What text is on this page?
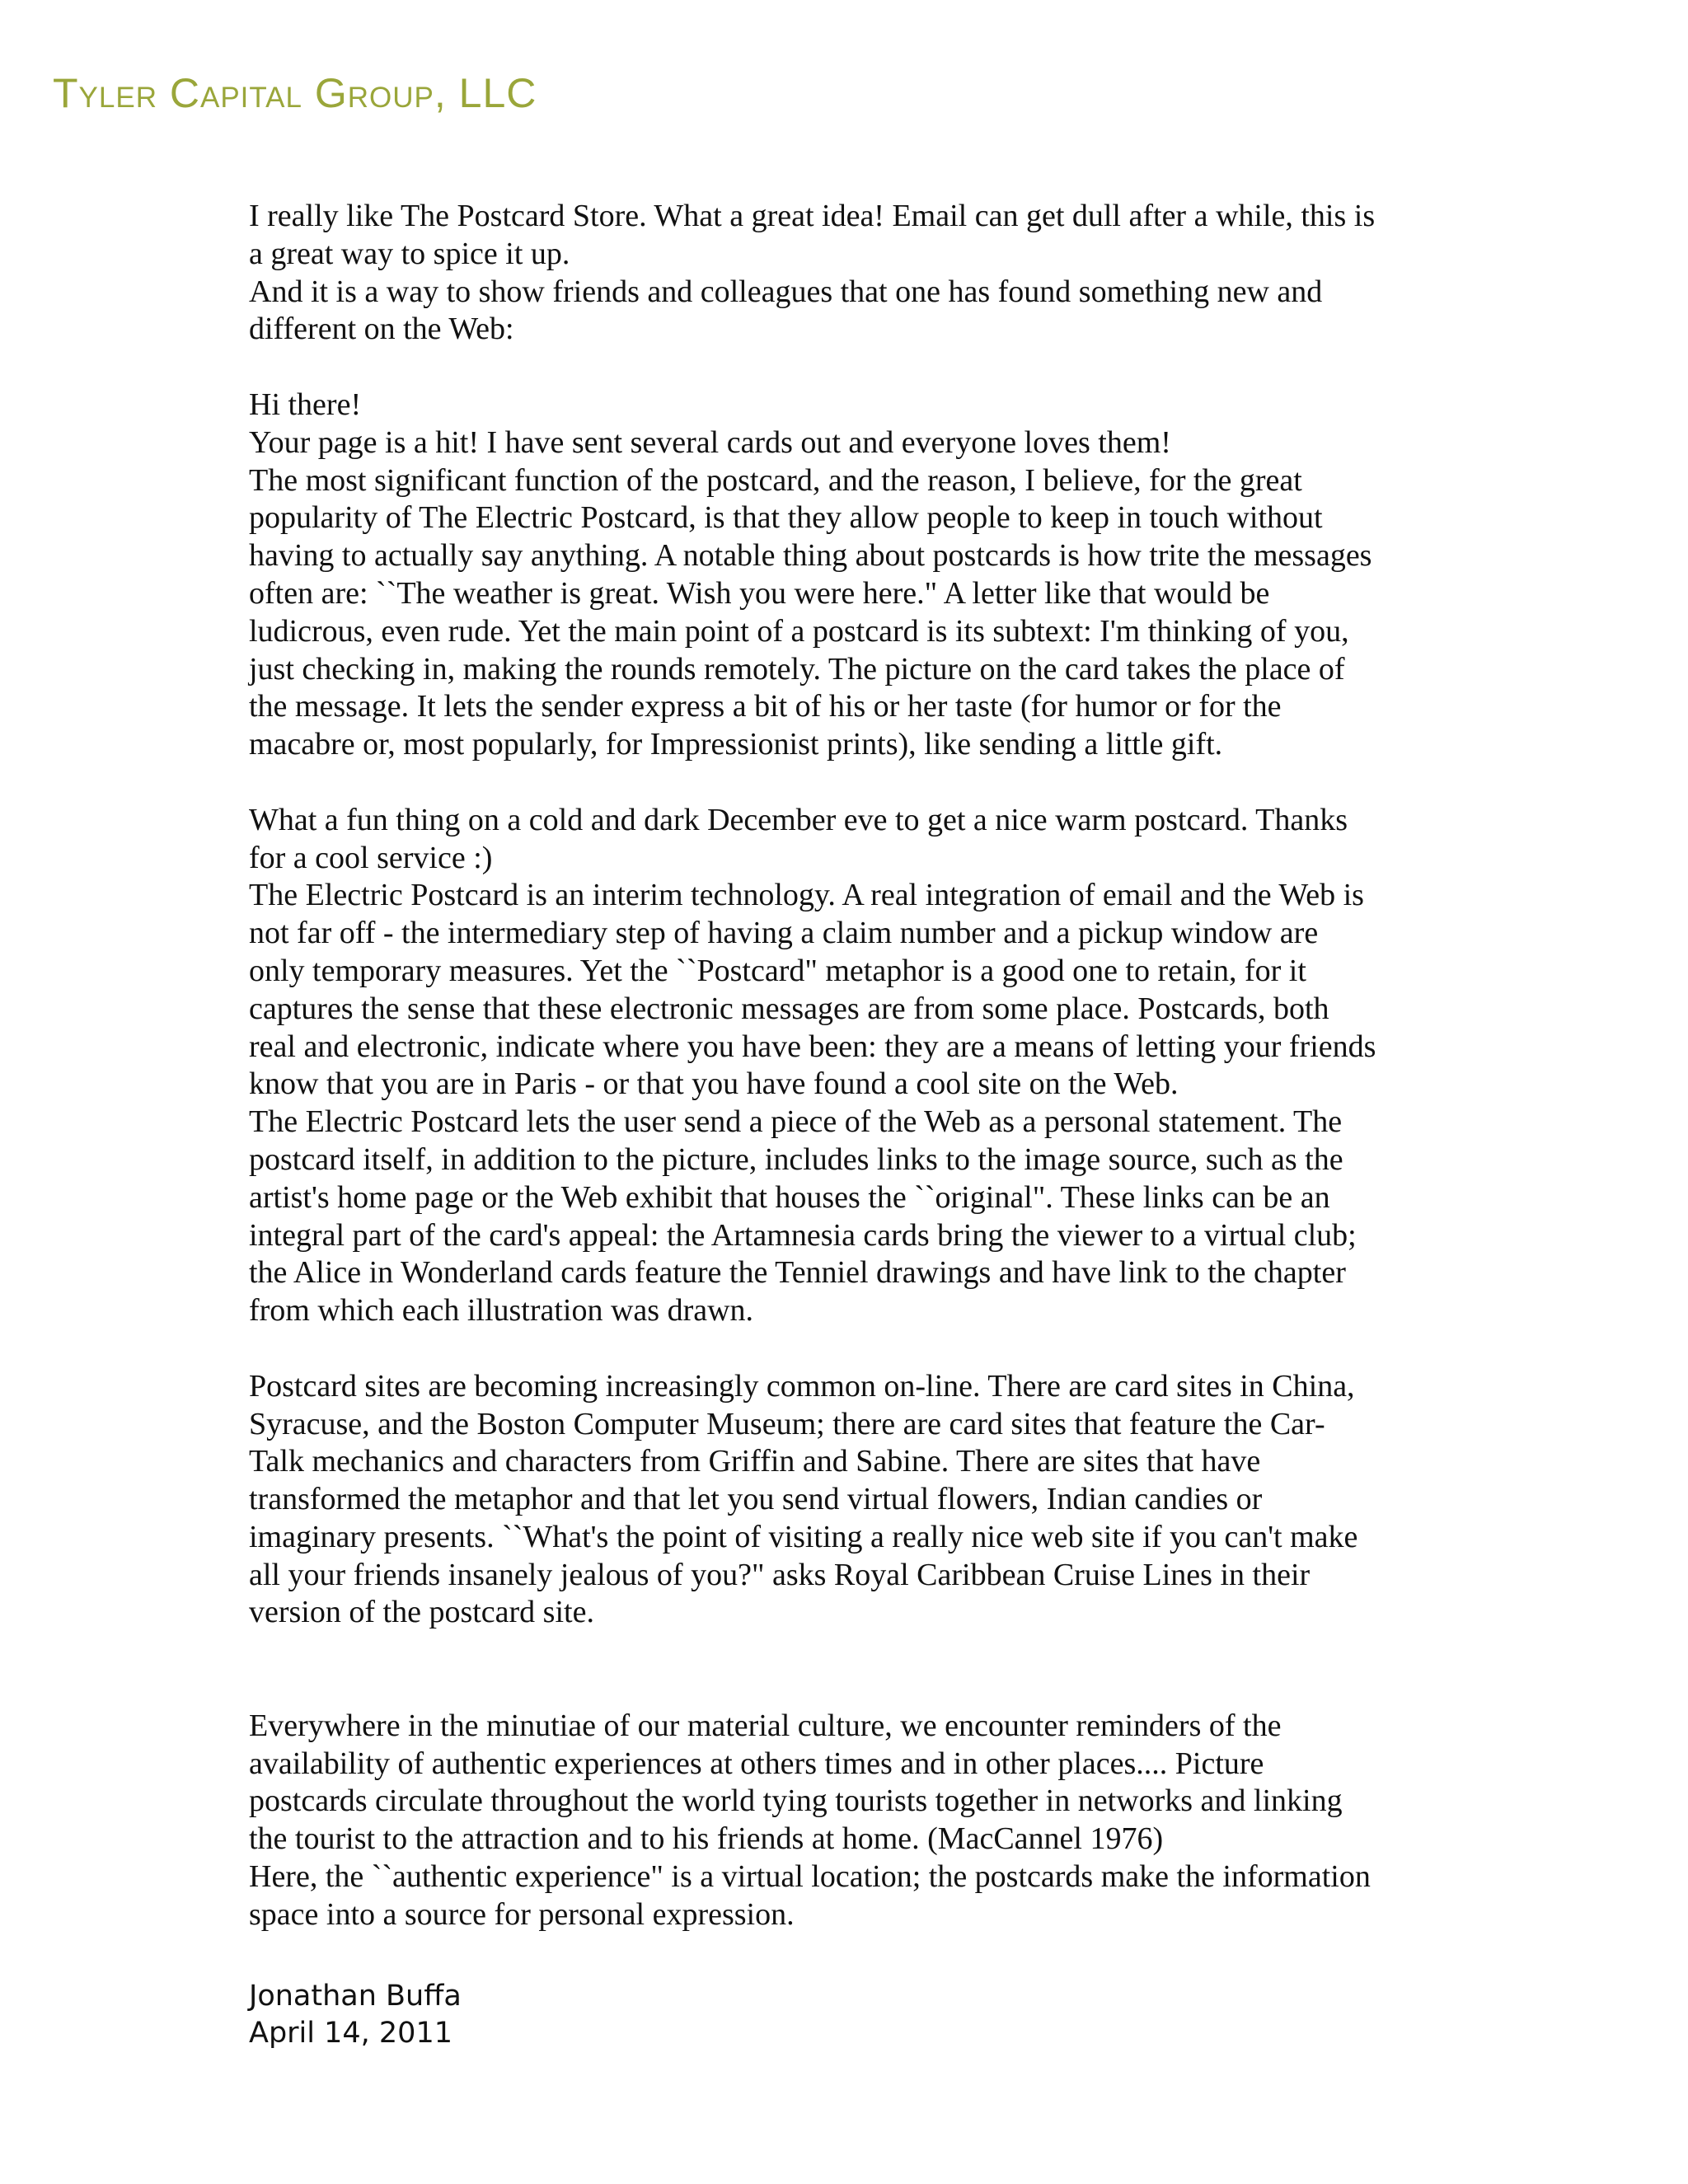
Tyler Capital Group, LLC
I really like The Postcard Store. What a great idea! Email can get dull after a while, this is
a great way to spice it up.
And it is a way to show friends and colleagues that one has found something new and
different on the Web:
Hi there!
Your page is a hit! I have sent several cards out and everyone loves them!
The most significant function of the postcard, and the reason, I believe, for the great
popularity of The Electric Postcard, is that they allow people to keep in touch without
having to actually say anything. A notable thing about postcards is how trite the messages
often are: ``The weather is great. Wish you were here." A letter like that would be
ludicrous, even rude. Yet the main point of a postcard is its subtext: I'm thinking of you,
just checking in, making the rounds remotely. The picture on the card takes the place of
the message. It lets the sender express a bit of his or her taste (for humor or for the
macabre or, most popularly, for Impressionist prints), like sending a little gift.
What a fun thing on a cold and dark December eve to get a nice warm postcard. Thanks
for a cool service :)
The Electric Postcard is an interim technology. A real integration of email and the Web is
not far off - the intermediary step of having a claim number and a pickup window are
only temporary measures. Yet the ``Postcard" metaphor is a good one to retain, for it
captures the sense that these electronic messages are from some place. Postcards, both
real and electronic, indicate where you have been: they are a means of letting your friends
know that you are in Paris - or that you have found a cool site on the Web.
The Electric Postcard lets the user send a piece of the Web as a personal statement. The
postcard itself, in addition to the picture, includes links to the image source, such as the
artist's home page or the Web exhibit that houses the ``original". These links can be an
integral part of the card's appeal: the Artamnesia cards bring the viewer to a virtual club;
the Alice in Wonderland cards feature the Tenniel drawings and have link to the chapter
from which each illustration was drawn.
Postcard sites are becoming increasingly common on-line. There are card sites in China,
Syracuse, and the Boston Computer Museum; there are card sites that feature the Car-
Talk mechanics and characters from Griffin and Sabine. There are sites that have
transformed the metaphor and that let you send virtual flowers, Indian candies or
imaginary presents. ``What's the point of visiting a really nice web site if you can't make
all your friends insanely jealous of you?" asks Royal Caribbean Cruise Lines in their
version of the postcard site.
Everywhere in the minutiae of our material culture, we encounter reminders of the
availability of authentic experiences at others times and in other places.... Picture
postcards circulate throughout the world tying tourists together in networks and linking
the tourist to the attraction and to his friends at home. (MacCannel 1976)
Here, the ``authentic experience" is a virtual location; the postcards make the information
space into a source for personal expression.
Jonathan Buffa
April 14, 2011
